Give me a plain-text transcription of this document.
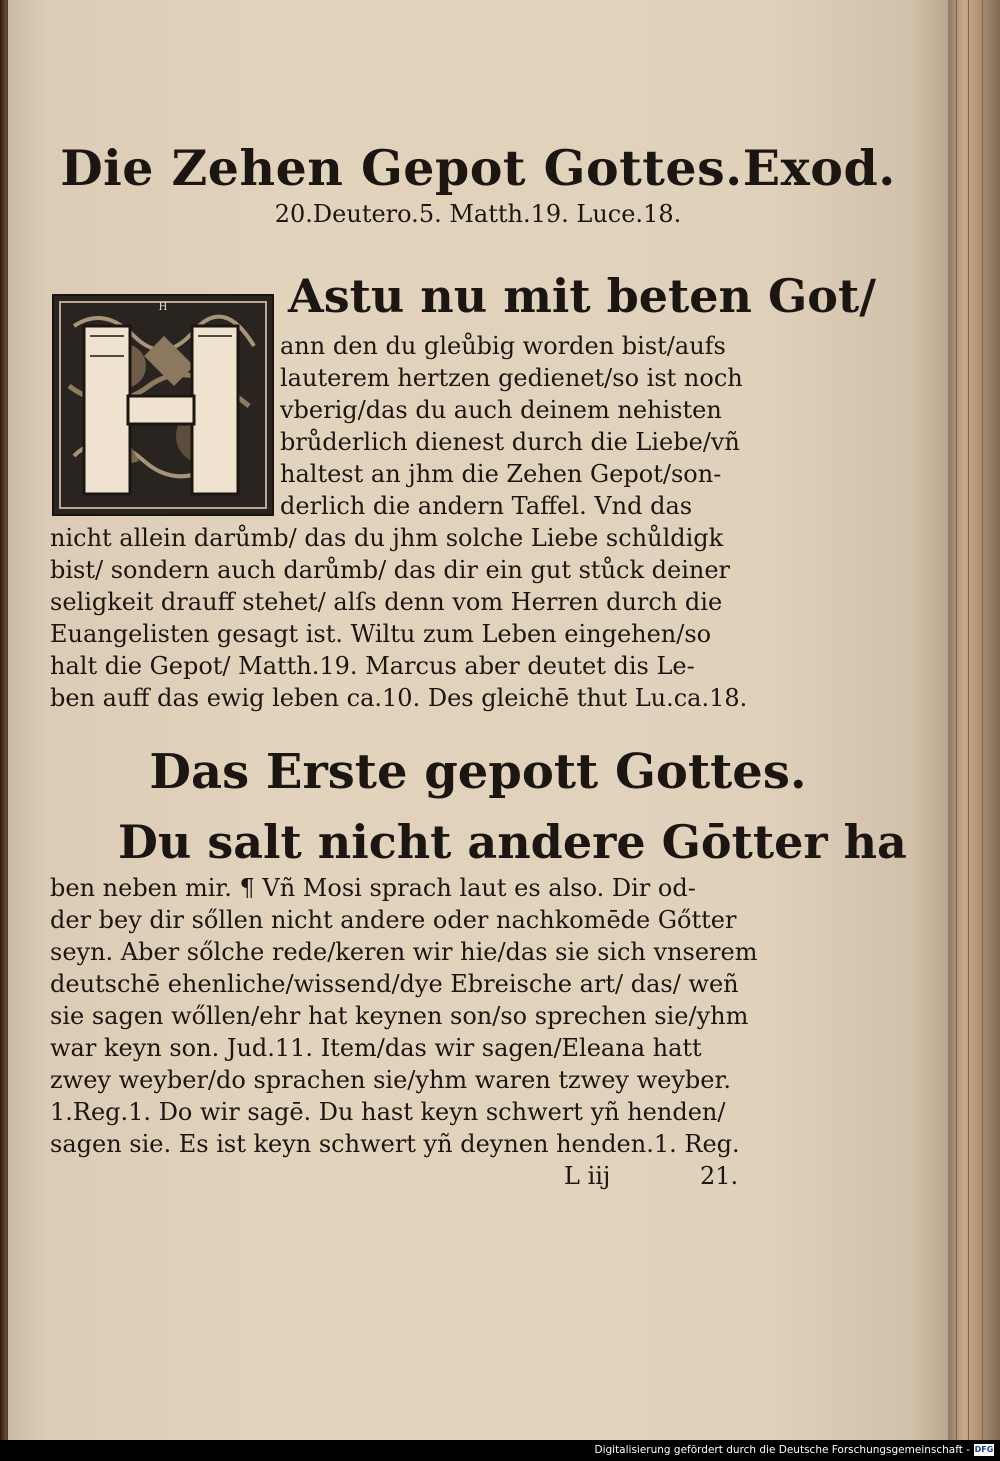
Die Zehen Gepot Gottes.Exod.
20.Deutero.5. Matth.19. Luce.18.
H	Astu nu mit beten Got/
ann den du gleůbig worden bist/aufs
lauterem hertzen gedienet/so ist noch
vberig/das du auch deinem nehisten
brůderlich dienest durch die Liebe/vñ
haltest an jhm die Zehen Gepot/son-
derlich die andern Taffel. Vnd das
nicht allein darůmb/ das du jhm solche Liebe schůldigk
bist/ sondern auch darůmb/ das dir ein gut stůck deiner
seligkeit drauff stehet/ alſs denn vom Herren durch die
Euangelisten gesagt ist. Wiltu zum Leben eingehen/so
halt die Gepot/ Matth.19. Marcus aber deutet dis Le-
ben auff das ewig leben ca.10. Des gleichē thut Lu.ca.18.
Das Erste gepott Gottes.
Du salt nicht andere Gōtter ha
ben neben mir. ¶ Vñ Mosi sprach laut es also. Dir od-
der bey dir sőllen nicht andere oder nachkomēde Gőtter
seyn. Aber sőlche rede/keren wir hie/das sie sich vnserem
deutschē ehenliche/wissend/dye Ebreische art/ das/ weñ
sie sagen wőllen/ehr hat keynen son/so sprechen sie/yhm
war keyn son. Jud.11. Item/das wir sagen/Eleana hatt
zwey weyber/do sprachen sie/yhm waren tzwey weyber.
1.Reg.1. Do wir sagē. Du hast keyn schwert yñ henden/
sagen sie. Es ist keyn schwert yñ deynen henden.1. Reg.
L iij	21.
Digitalisierung gefördert durch die Deutsche Forschungsgemeinschaft - DFG
